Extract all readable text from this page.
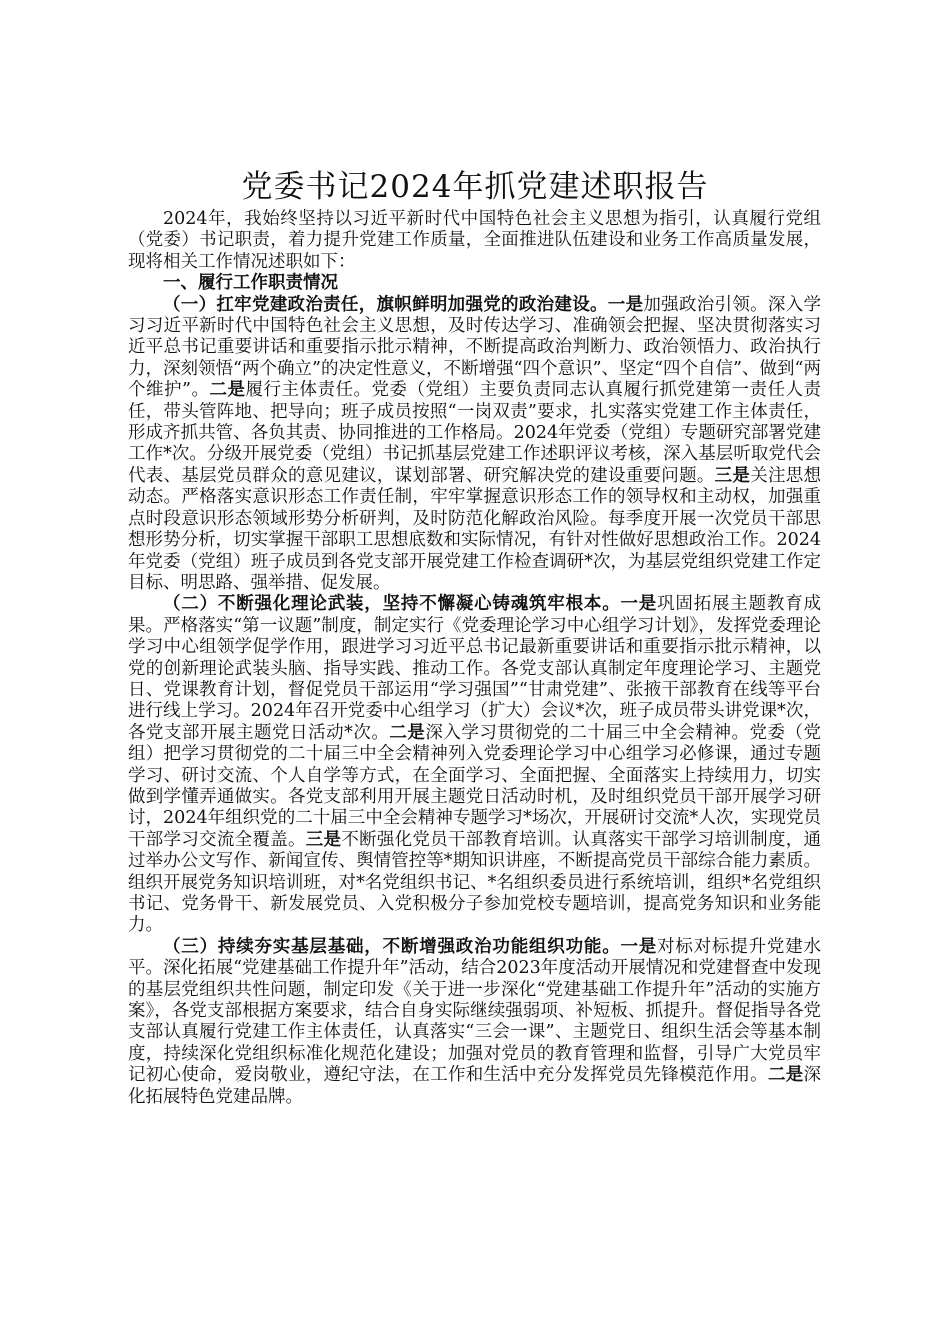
党委书记2024年抓党建述职报告

2024年，我始终坚持以习近平新时代中国特色社会主义思想为指引，认真履行党组（党委）书记职责，着力提升党建工作质量，全面推进队伍建设和业务工作高质量发展，现将相关工作情况述职如下：

一、履行工作职责情况

（一）扛牢党建政治责任，旗帜鲜明加强党的政治建设。一是加强政治引领。深入学习习近平新时代中国特色社会主义思想，及时传达学习、准确领会把握、坚决贯彻落实习近平总书记重要讲话和重要指示批示精神，不断提高政治判断力、政治领悟力、政治执行力，深刻领悟“两个确立”的决定性意义，不断增强“四个意识”、坚定“四个自信”、做到“两个维护”。二是履行主体责任。党委（党组）主要负责同志认真履行抓党建第一责任人责任，带头管阵地、把导向；班子成员按照“一岗双责”要求，扎实落实党建工作主体责任，形成齐抓共管、各负其责、协同推进的工作格局。2024年党委（党组）专题研究部署党建工作*次。分级开展党委（党组）书记抓基层党建工作述职评议考核，深入基层听取党代会代表、基层党员群众的意见建议，谋划部署、研究解决党的建设重要问题。三是关注思想动态。严格落实意识形态工作责任制，牢牢掌握意识形态工作的领导权和主动权，加强重点时段意识形态领域形势分析研判，及时防范化解政治风险。每季度开展一次党员干部思想形势分析，切实掌握干部职工思想底数和实际情况，有针对性做好思想政治工作。2024年党委（党组）班子成员到各党支部开展党建工作检查调研*次，为基层党组织党建工作定目标、明思路、强举措、促发展。

（二）不断强化理论武装，坚持不懈凝心铸魂筑牢根本。一是巩固拓展主题教育成果。严格落实“第一议题”制度，制定实行《党委理论学习中心组学习计划》，发挥党委理论学习中心组领学促学作用，跟进学习习近平总书记最新重要讲话和重要指示批示精神，以党的创新理论武装头脑、指导实践、推动工作。各党支部认真制定年度理论学习、主题党日、党课教育计划，督促党员干部运用“学习强国”“甘肃党建”、张掖干部教育在线等平台进行线上学习。2024年召开党委中心组学习（扩大）会议*次，班子成员带头讲党课*次，各党支部开展主题党日活动*次。二是深入学习贯彻党的二十届三中全会精神。党委（党组）把学习贯彻党的二十届三中全会精神列入党委理论学习中心组学习必修课，通过专题学习、研讨交流、个人自学等方式，在全面学习、全面把握、全面落实上持续用力，切实做到学懂弄通做实。各党支部利用开展主题党日活动时机，及时组织党员干部开展学习研讨，2024年组织党的二十届三中全会精神专题学习*场次，开展研讨交流*人次，实现党员干部学习交流全覆盖。三是不断强化党员干部教育培训。认真落实干部学习培训制度，通过举办公文写作、新闻宣传、舆情管控等*期知识讲座，不断提高党员干部综合能力素质。组织开展党务知识培训班，对*名党组织书记、*名组织委员进行系统培训，组织*名党组织书记、党务骨干、新发展党员、入党积极分子参加党校专题培训，提高党务知识和业务能力。

（三）持续夯实基层基础，不断增强政治功能组织功能。一是对标对标提升党建水平。深化拓展“党建基础工作提升年”活动，结合2023年度活动开展情况和党建督查中发现的基层党组织共性问题，制定印发《关于进一步深化“党建基础工作提升年”活动的实施方案》，各党支部根据方案要求，结合自身实际继续强弱项、补短板、抓提升。督促指导各党支部认真履行党建工作主体责任，认真落实“三会一课”、主题党日、组织生活会等基本制度，持续深化党组织标准化规范化建设；加强对党员的教育管理和监督，引导广大党员牢记初心使命，爱岗敬业，遵纪守法，在工作和生活中充分发挥党员先锋模范作用。二是深化拓展特色党建品牌。
